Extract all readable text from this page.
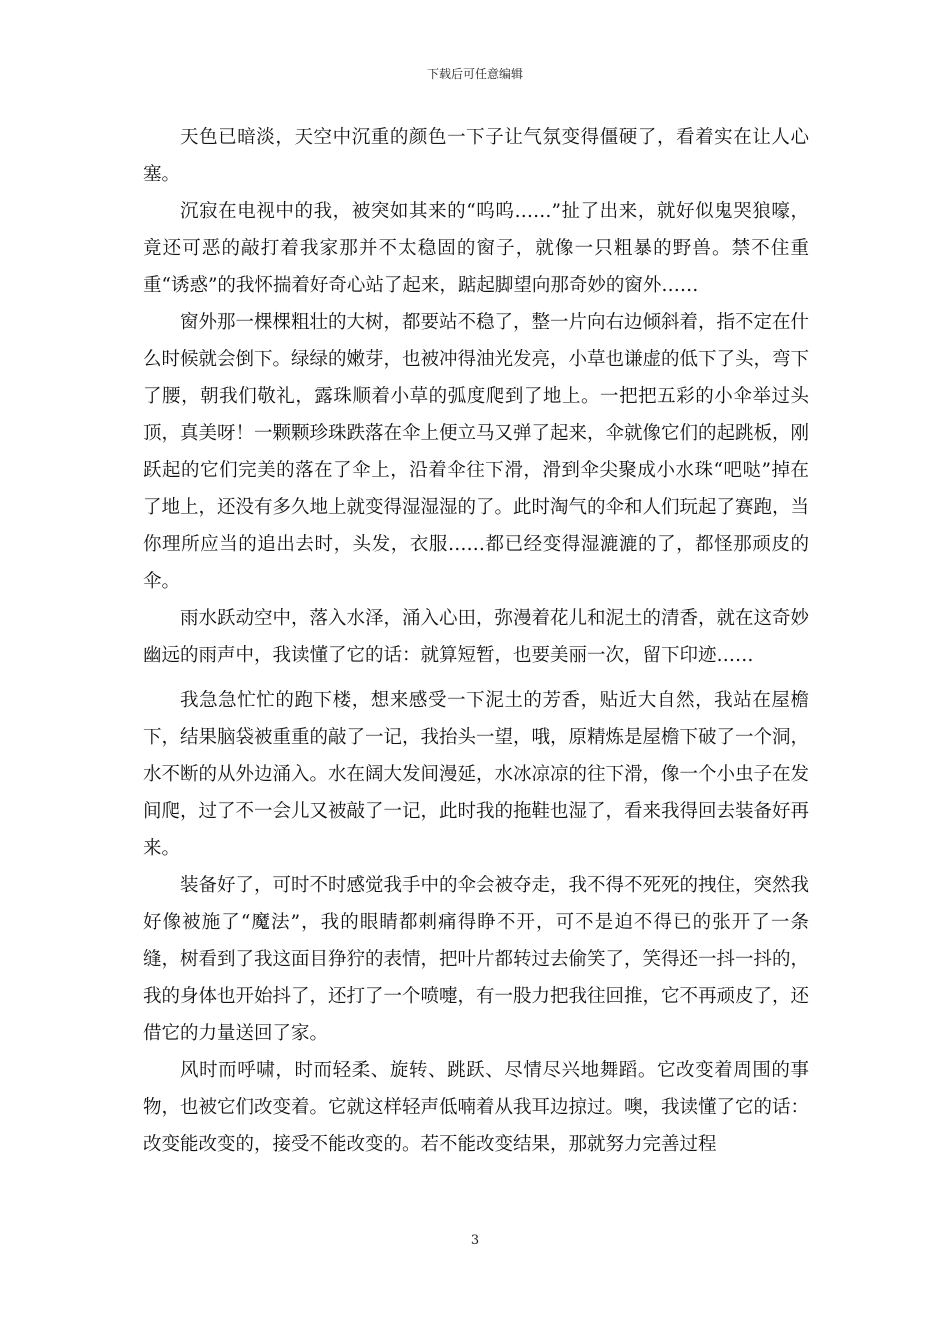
下载后可任意编辑

天色已暗淡，天空中沉重的颜色一下子让气氛变得僵硬了，看着实在让人心塞。

沉寂在电视中的我，被突如其来的“呜呜……”扯了出来，就好似鬼哭狼嚎，竟还可恶的敲打着我家那并不太稳固的窗子，就像一只粗暴的野兽。禁不住重重“诱惑”的我怀揣着好奇心站了起来，踮起脚望向那奇妙的窗外……

窗外那一棵棵粗壮的大树，都要站不稳了，整一片向右边倾斜着，指不定在什么时候就会倒下。绿绿的嫩芽，也被冲得油光发亮，小草也谦虚的低下了头，弯下了腰，朝我们敬礼，露珠顺着小草的弧度爬到了地上。一把把五彩的小伞举过头顶，真美呀！一颗颗珍珠跌落在伞上便立马又弹了起来，伞就像它们的起跳板，刚跃起的它们完美的落在了伞上，沿着伞往下滑，滑到伞尖聚成小水珠“吧哒”掉在了地上，还没有多久地上就变得湿湿湿的了。此时淘气的伞和人们玩起了赛跑，当你理所应当的追出去时，头发，衣服……都已经变得湿漉漉的了，都怪那顽皮的伞。

雨水跃动空中，落入水泽，涌入心田，弥漫着花儿和泥土的清香，就在这奇妙幽远的雨声中，我读懂了它的话：就算短暂，也要美丽一次，留下印迹……

我急急忙忙的跑下楼，想来感受一下泥土的芳香，贴近大自然，我站在屋檐下，结果脑袋被重重的敲了一记，我抬头一望，哦，原精炼是屋檐下破了一个洞，水不断的从外边涌入。水在阔大发间漫延，水冰凉凉的往下滑，像一个小虫子在发间爬，过了不一会儿又被敲了一记，此时我的拖鞋也湿了，看来我得回去装备好再来。

装备好了，可时不时感觉我手中的伞会被夺走，我不得不死死的拽住，突然我好像被施了“魔法”，我的眼睛都刺痛得睁不开，可不是迫不得已的张开了一条缝，树看到了我这面目狰狞的表情，把叶片都转过去偷笑了，笑得还一抖一抖的，我的身体也开始抖了，还打了一个喷嚏，有一股力把我往回推，它不再顽皮了，还借它的力量送回了家。

风时而呼啸，时而轻柔、旋转、跳跃、尽情尽兴地舞蹈。它改变着周围的事物，也被它们改变着。它就这样轻声低喃着从我耳边掠过。噢，我读懂了它的话：改变能改变的，接受不能改变的。若不能改变结果，那就努力完善过程

3
